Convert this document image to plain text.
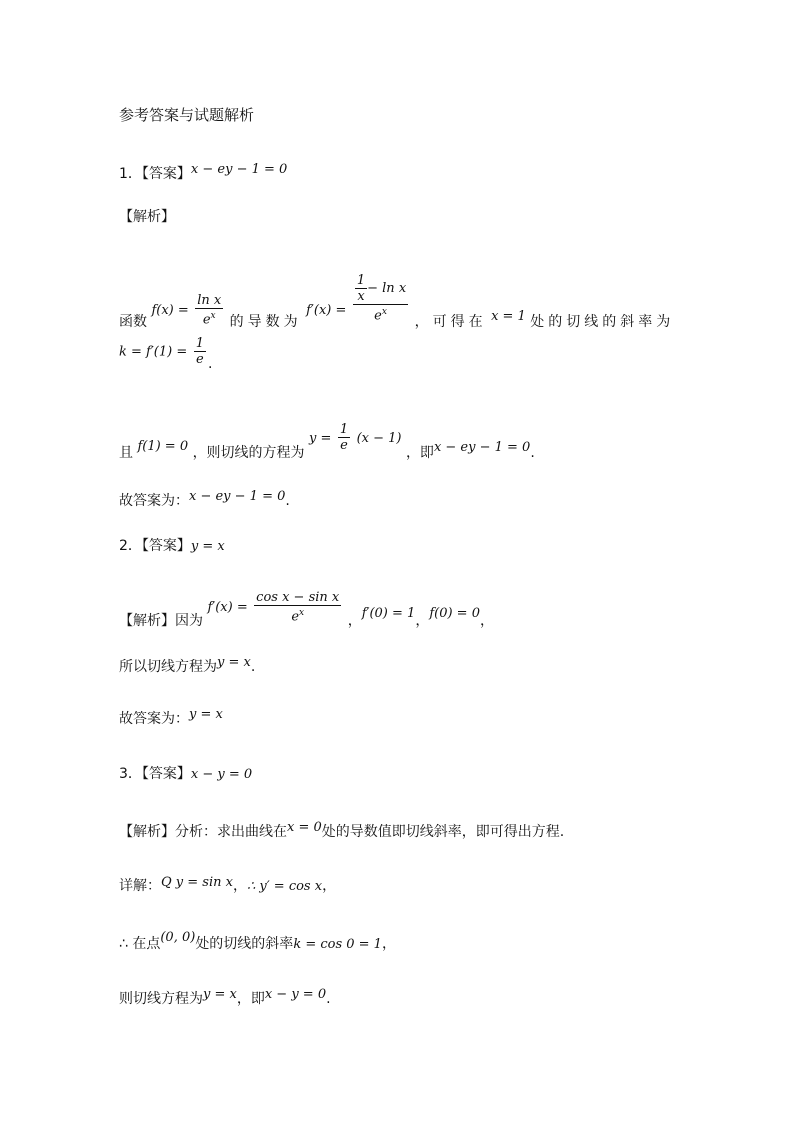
参考答案与试题解析
1．【答案】x − ey − 1 = 0
【解析】
函数 $f(x) = \frac{\text{ln x}}{e^x}$ 的导数为 $f'(x) = \frac{\frac{1}{x} - \ln x}{e^x}$ ，可得在 x = 1 处的切线的斜率为
$k = f'(1) = \frac{1}{e}$ .
且 f(1) = 0 ，则切线的方程为 $y = \frac{1}{e} (x - 1)$ ，即x − ey − 1 = 0.
故答案为：x − ey − 1 = 0.
2．【答案】y = x
【解析】因为 $f'(x) = \frac{\text{cos x − sin x}}{e^x}$ ，f′(0) = 1，f(0) = 0，
所以切线方程为y = x.
故答案为：y = x
3．【答案】x − y = 0
【解析】分析：求出曲线在x = 0处的导数值即切线斜率，即可得出方程.
详解：Q y = sin x，∴ y′ = cos x，
∴ 在点(0, 0)处的切线的斜率k = cos 0 = 1，
则切线方程为y = x，即x − y = 0.
